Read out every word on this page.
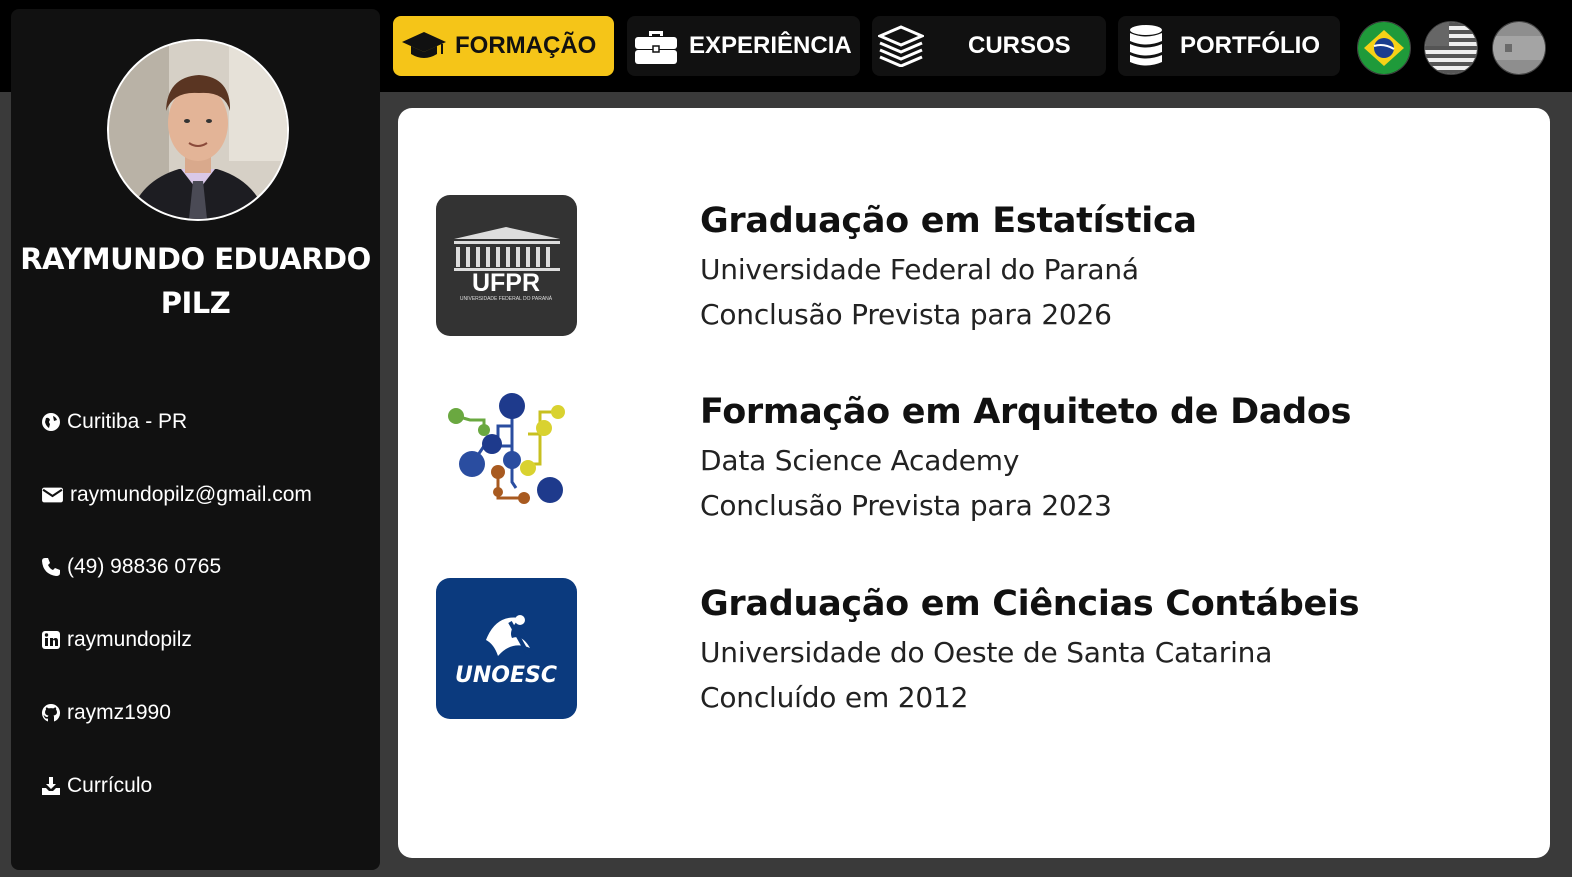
RAYMUNDO EDUARDO
PILZ
Curitiba - PR
raymundopilz@gmail.com
(49) 98836 0765
raymundopilz
raymz1990
Currículo
FORMAÇÃO	EXPERIÊNCIA	CURSOS	PORTFÓLIO
UFPR
UNIVERSIDADE FEDERAL DO PARANÁ
Graduação em Estatística
Universidade Federal do Paraná
Conclusão Prevista para 2026
Formação em Arquiteto de Dados
Data Science Academy
Conclusão Prevista para 2023
UNOESC
Graduação em Ciências Contábeis
Universidade do Oeste de Santa Catarina
Concluído em 2012
